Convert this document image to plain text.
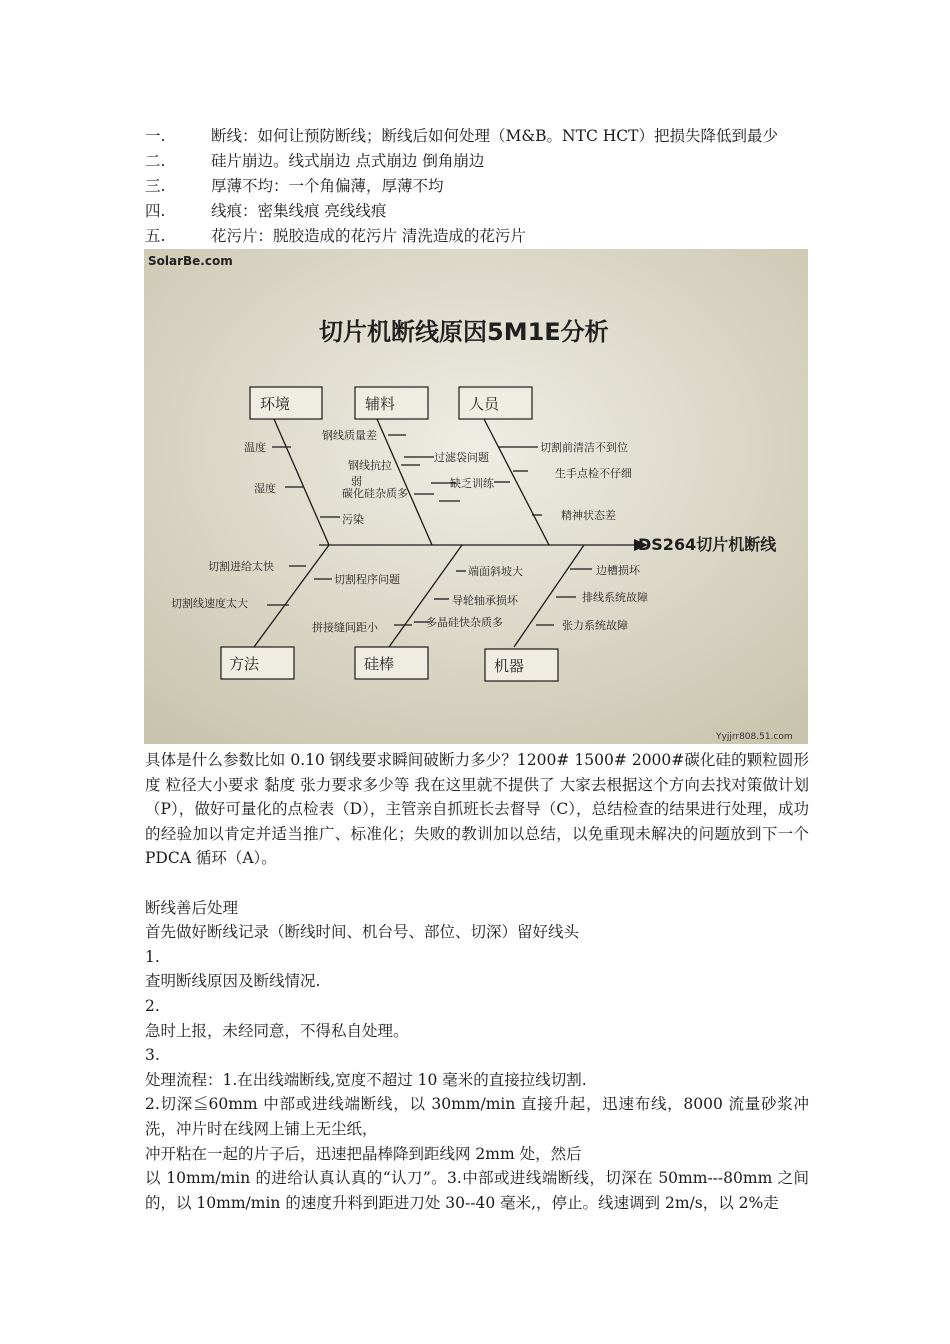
一.	断线：如何让预防断线；断线后如何处理（M&B。NTC HCT）把损失降低到最少
二.	硅片崩边。线式崩边 点式崩边 倒角崩边
三.	厚薄不均：一个角偏薄，厚薄不均
四.	线痕：密集线痕 亮线线痕
五.	花污片：脱胶造成的花污片 清洗造成的花污片
SolarBe.com
切片机断线原因5M1E分析
温度
湿度
污染
钢线质量差
钢线抗拉
弱
碳化硅杂质多
过滤袋问题
缺乏训练
切割前清洁不到位
生手点检不仔细
精神状态差
切割进给太快
切割线速度太大
切割程序问题
拼接缝间距小
端面斜坡大
导轮轴承损坏
多晶硅快杂质多
边槽损坏
排线系统故障
张力系统故障
环境	辅料	人员
方法	硅棒	机器
DS264切片机断线
Yyjjrr808.51.com

具体是什么参数比如 0.10 钢线要求瞬间破断力多少？1200# 1500# 2000#碳化硅的颗粒圆形度 粒径大小要求 黏度 张力要求多少等 我在这里就不提供了 大家去根据这个方向去找对策做计划（P），做好可量化的点检表（D），主管亲自抓班长去督导（C），总结检查的结果进行处理，成功的经验加以肯定并适当推广、标准化；失败的教训加以总结，以免重现未解决的问题放到下一个 PDCA 循环（A）。

断线善后处理

首先做好断线记录（断线时间、机台号、部位、切深）留好线头

1.

查明断线原因及断线情况.

2.

急时上报，未经同意，不得私自处理。

3.

处理流程：1.在出线端断线,宽度不超过 10 毫米的直接拉线切割.

2.切深≦60mm 中部或进线端断线，以 30mm/min 直接升起，迅速布线，8000 流量砂浆冲洗，冲片时在线网上铺上无尘纸，

冲开粘在一起的片子后，迅速把晶棒降到距线网 2mm 处，然后

以 10mm/min 的进给认真认真的“认刀”。3.中部或进线端断线，切深在 50mm---80mm 之间的，以 10mm/min 的速度升料到距进刀处 30--40 毫米,，停止。线速调到 2m/s，以 2%走
